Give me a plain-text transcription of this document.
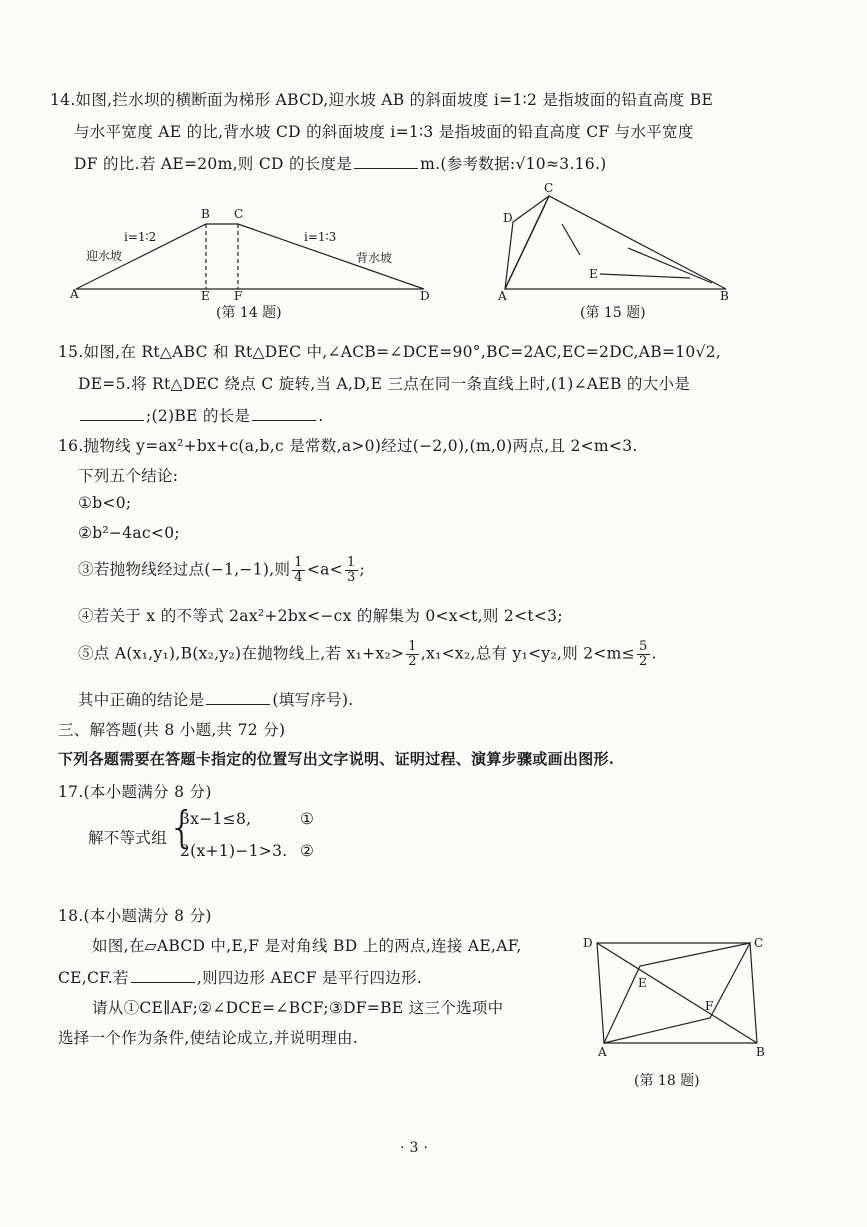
14.如图,拦水坝的横断面为梯形 ABCD,迎水坡 AB 的斜面坡度 i=1∶2 是指坡面的铅直高度 BE
与水平宽度 AE 的比,背水坡 CD 的斜面坡度 i=1∶3 是指坡面的铅直高度 CF 与水平宽度
DF 的比.若 AE=20m,则 CD 的长度是	m.(参考数据:√10≈3.16.)
A
B C
D
E F
i=1∶2	i=1∶3
迎水坡	背水坡
(第 14 题)
A	B
C
D
E
(第 15 题)
15.如图,在 Rt△ABC 和 Rt△DEC 中,∠ACB=∠DCE=90°,BC=2AC,EC=2DC,AB=10√2,
DE=5.将 Rt△DEC 绕点 C 旋转,当 A,D,E 三点在同一条直线上时,(1)∠AEB 的大小是
;(2)BE 的长是	.
16.抛物线 y=ax²+bx+c(a,b,c 是常数,a>0)经过(−2,0),(m,0)两点,且 2<m<3.
下列五个结论:
①b<0;
②b²−4ac<0;
③若抛物线经过点(−1,−1),则 $\frac{1}{4} <a< \frac{1}{3}$ ;
④若关于 x 的不等式 2ax²+2bx<−cx 的解集为 0<x<t,则 2<t<3;
⑤点 A(x₁,y₁),B(x₂,y₂)在抛物线上,若 $x_1+x_2> \frac{1}{2} ,x_1<x_2$,总有 y₁<y₂,则 $2<m\le \frac{5}{2}$ .
其中正确的结论是	(填写序号).
三、解答题(共 8 小题,共 72 分)
下列各题需要在答题卡指定的位置写出文字说明、证明过程、演算步骤或画出图形.
17.(本小题满分 8 分)
解不等式组 {
3x−1≤8,	①
2(x+1)−1>3. ②
18.(本小题满分 8 分)
如图,在▱ABCD 中,E,F 是对角线 BD 上的两点,连接 AE,AF,
CE,CF.若	,则四边形 AECF 是平行四边形.
请从①CE∥AF;②∠DCE=∠BCF;③DF=BE 这三个选项中
选择一个作为条件,使结论成立,并说明理由.
A	B
C
D
E
F
(第 18 题)
· 3 ·
